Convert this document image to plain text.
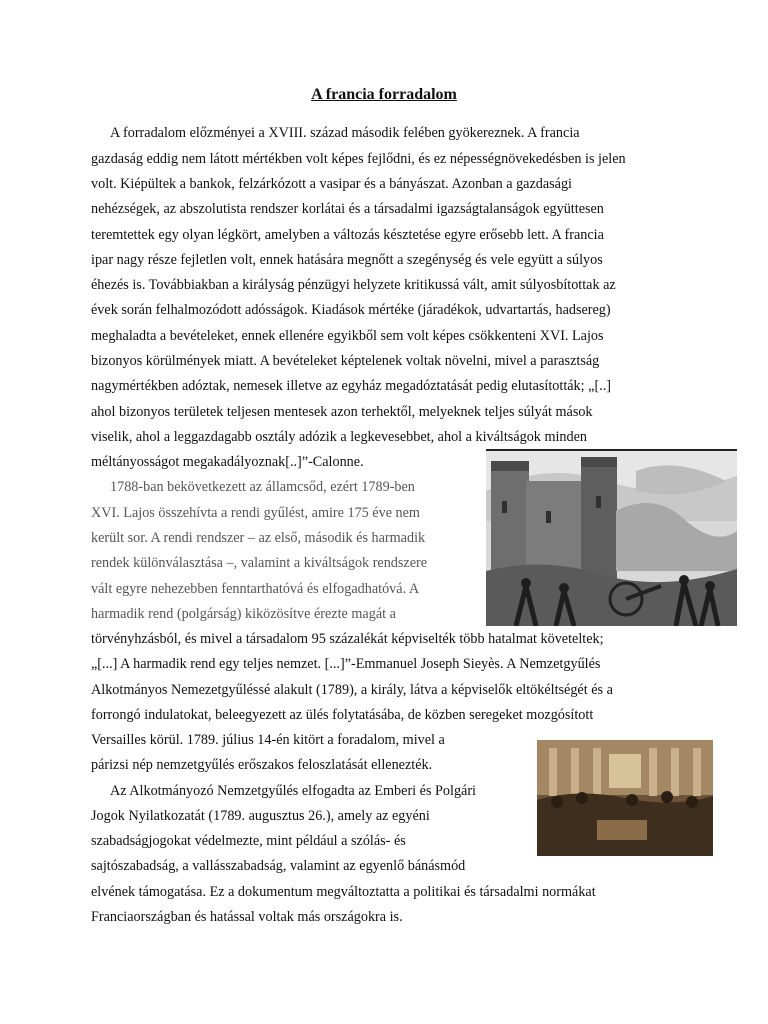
A francia forradalom
A forradalom előzményei a XVIII. század második felében gyökereznek. A francia
gazdaság eddig nem látott mértékben volt képes fejlődni, és ez népességnövekedésben is jelen
volt. Kiépültek a bankok, felzárkózott a vasipar és a bányászat. Azonban a gazdasági
nehézségek, az abszolutista rendszer korlátai és a társadalmi igazságtalanságok együttesen
teremtettek egy olyan légkört, amelyben a változás késztetése egyre erősebb lett. A francia
ipar nagy része fejletlen volt, ennek hatására megnőtt a szegénység és vele együtt a súlyos
éhezés is. Továbbiakban a királyság pénzügyi helyzete kritikussá vált, amit súlyosbítottak az
évek során felhalmozódott adósságok. Kiadások mértéke (járadékok, udvartartás, hadsereg)
meghaladta a bevételeket, ennek ellenére egyikből sem volt képes csökkenteni XVI. Lajos
bizonyos körülmények miatt. A bevételeket képtelenek voltak növelni, mivel a parasztság
nagymértékben adóztak, nemesek illetve az egyház megadóztatását pedig elutasították; „[..]
ahol bizonyos területek teljesen mentesek azon terhektől, melyeknek teljes súlyát mások
viselik, ahol a leggazdagabb osztály adózik a legkevesebbet, ahol a kiváltságok minden
méltányosságot megakadályoznak[..]”-Calonne.
1788-ban bekövetkezett az államcsőd, ezért 1789-ben
XVI. Lajos összehívta a rendi gyűlést, amire 175 éve nem
került sor. A rendi rendszer – az első, második és harmadik
rendek különválasztása –, valamint a kiváltságok rendszere
vált egyre nehezebben fenntarthatóvá és elfogadhatóvá. A
harmadik rend (polgárság) kiközösítve érezte magát a
törvényhzásból, és mivel a társadalom 95 százalékát képviselték több hatalmat követeltek;
„[...] A harmadik rend egy teljes nemzet. [...]”-Emmanuel Joseph Sieyès. A Nemzetgyűlés
Alkotmányos Nemezetgyűléssé alakult (1789), a király, látva a képviselők eltökéltségét és a
forrongó indulatokat, beleegyezett az ülés folytatásába, de közben seregeket mozgósított
Versailles körül. 1789. július 14-én kitört a foradalom, mivel a
párizsi nép nemzetgyűlés erőszakos feloszlatását ellenezték.
Az Alkotmányozó Nemzetgyűlés elfogadta az Emberi és Polgári
Jogok Nyilatkozatát (1789. augusztus 26.), amely az egyéni
szabadságjogokat védelmezte, mint például a szólás- és
sajtószabadság, a vallásszabadság, valamint az egyenlő bánásmód
elvének támogatása. Ez a dokumentum megváltoztatta a politikai és társadalmi normákat
Franciaországban és hatással voltak más országokra is.
